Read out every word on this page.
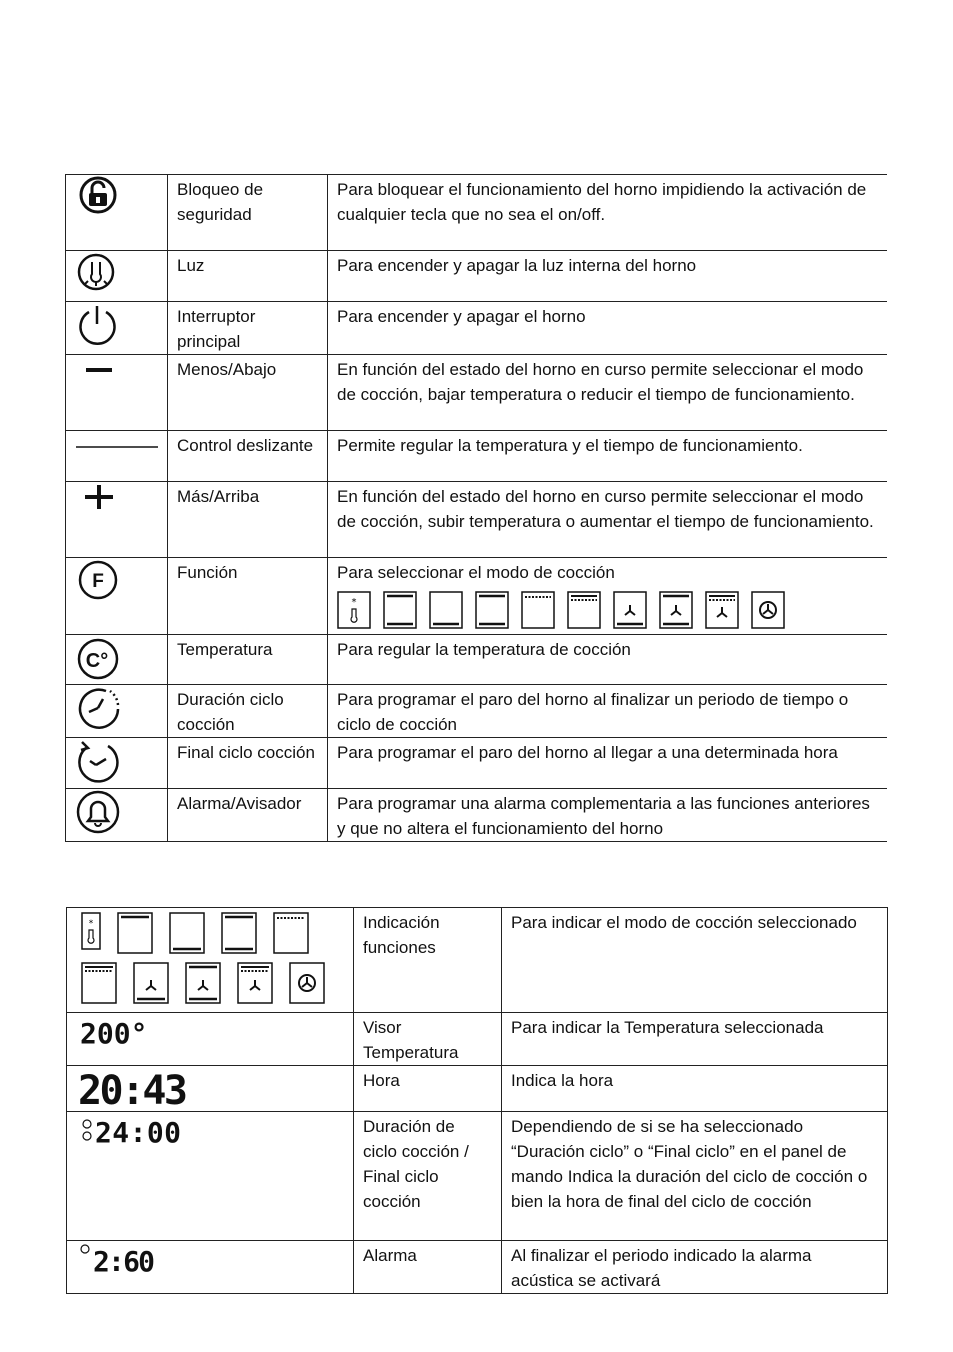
	Bloqueo de seguridad	Para bloquear el funcionamiento del horno impidiendo la activación de cualquier tecla que no sea el on/off.

	Luz	Para encender y apagar la luz interna del horno

	Interruptor principal	Para encender y apagar el horno

	Menos/Abajo	En función del estado del horno en curso permite seleccionar el modo de cocción, bajar temperatura o reducir el tiempo de funcionamiento.

	Control deslizante	Permite regular la temperatura y el tiempo de funcionamiento.

	Más/Arriba	En función del estado del horno en curso permite seleccionar el modo de cocción, subir temperatura o aumentar el tiempo de funcionamiento.

F	Función	Para seleccionar el modo de cocción
*

C°	Temperatura	Para regular la temperatura de cocción

	Duración ciclo cocción	Para programar el paro del horno al finalizar un periodo de tiempo o ciclo de cocción

	Final ciclo cocción	Para programar el paro del horno al llegar a una determinada hora

	Alarma/Avisador	Para programar una alarma complementaria a las funciones anteriores y que no altera el funcionamiento del horno
*	Indicación funciones	Para indicar el modo de cocción seleccionado

200°	Visor Temperatura	Para indicar la Temperatura seleccionada

20:43	Hora	Indica la hora

24:00	Duración de ciclo cocción / Final ciclo cocción	Dependiendo de si se ha seleccionado “Duración ciclo” o “Final ciclo” en el panel de mando Indica la duración del ciclo de cocción o bien la hora de final del ciclo de cocción

2:60	Alarma	Al finalizar el periodo indicado la alarma acústica se activará
